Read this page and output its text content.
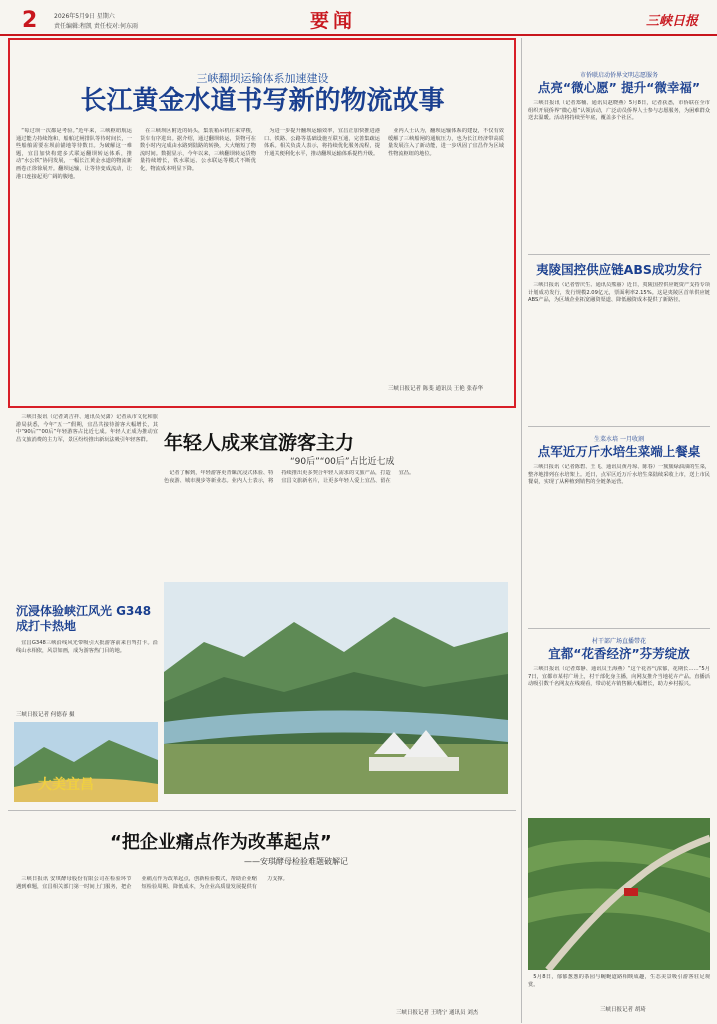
2	2026年5月9日 星期六
责任编辑:程凯 责任校对:何东雨	要闻	三峡日报
三峡翻坝运输体系加速建设
长江黄金水道书写新的物流故事

“每过坝一次都是考验。”近年来，三峡枢纽航运通过能力持续饱和，船舶过闸排队等待时间长，一些船舶需要在坝前锚地等待数日。为破解这一难题，宜昌加快构建多式联运翻坝转运体系，推动“水公铁”协同发展，一幅长江黄金水道的物流新画卷正徐徐展开。翻坝运输，让等待变成流动，让港口连接起更广阔的腹地。

在三峡坝区附近的码头，集装箱吊机往来穿梭，货车有序进出。据介绍，通过翻坝转运，货物可在数小时内完成由水路到陆路的转换，大大缩短了物流时间。数据显示，今年以来，三峡翻坝转运货物量持续增长，铁水联运、公水联运等模式不断优化，物流成本明显下降。

为进一步提升翻坝运输效率，宜昌正加快推进港口、铁路、公路等基础设施互联互通，完善集疏运体系。相关负责人表示，将持续优化服务流程，提升通关便利化水平，推动翻坝运输体系提档升级。

业内人士认为，翻坝运输体系的建设，不仅有效缓解了三峡船闸的通航压力，也为长江经济带高质量发展注入了新动能，进一步巩固了宜昌作为区域性物流枢纽的地位。

三峡日报记者 陈斐 通讯员 王艳 张春华
市侨联启动侨界文明志愿服务
点亮“微心愿” 提升“微幸福”

三峡日报讯（记者郑楠、通讯员赵晓燕）5月8日，记者获悉，市侨联在全市组织开展侨界“微心愿”认领活动，广泛动员侨界人士参与志愿服务，为困难群众送去温暖。活动将持续至年底，覆盖多个社区。

夷陵国控供应链ABS成功发行

三峡日报讯（记者曾庆生、通讯员熊丽）近日，夷陵国控供应链资产支持专项计划成功发行，发行规模2.09亿元，票面利率2.15%。这是夷陵区首单供应链ABS产品，为区域企业拓宽融资渠道、降低融资成本提供了新路径。

生菜水培 一月收割
点军近万斤水培生菜端上餐桌

三峡日报讯（记者陈碧、王飞、通讯员黄丹琼、陈春）一簇簇绿油油的生菜，整齐地排列在水培架上。近日，点军区近万斤水培生菜陆续采收上市，送上市民餐桌，实现了从种植到销售的全链条运营。

村干部广场直播带花
宜都“花香经济”芬芳绽放

三峡日报讯（记者郑静、通讯员王海燕）“这个花香气浓郁，花期长……”5月7日，宜都市某村广场上，村干部化身主播，向网友推介当地花卉产品。直播活动吸引数千名网友在线观看，带动花卉销售额大幅增长，助力乡村振兴。

5月8日，郁郁葱葱的茶园与蜿蜒道路相映成趣，生态美景吸引游客驻足观赏。

三峡日报记者 胡琦

三峡日报讯（记者刘吉祥、通讯员吴潇）记者从市文化和旅游局获悉，今年“五一”假期，宜昌共接待游客大幅增长，其中“90后”“00后”年轻游客占比近七成。年轻人正成为推动宜昌文旅消费的主力军，景区纷纷推出新玩法吸引年轻客群。 年轻人成来宜游客主力
“90后”“00后”占比近七成

记者了解到，年轻游客更青睐沉浸式体验、特色夜游、城市漫步等新业态。业内人士表示，将持续推出更多契合年轻人需求的文旅产品，打造宜昌文旅新名片，让更多年轻人爱上宜昌、留在宜昌。

沉浸体验峡江风光 G348成打卡热地

宜昌G348三峡沿线风光带吸引大批游客前来自驾打卡。沿线山水相依，风景如画，成为游客热门目的地。

三峡日报记者 何德春 摄
大美宜昌
“把企业痛点作为改革起点”
——安琪酵母检验难题破解记

三峡日报讯 安琪酵母股份有限公司在检验环节遇到难题，宜昌相关部门第一时间上门服务，把企业痛点作为改革起点，创新检验模式，帮助企业缩短检验周期、降低成本，为企业高质量发展提供有力支撑。

三峡日报记者 王晓宁 通讯员 刘杰
